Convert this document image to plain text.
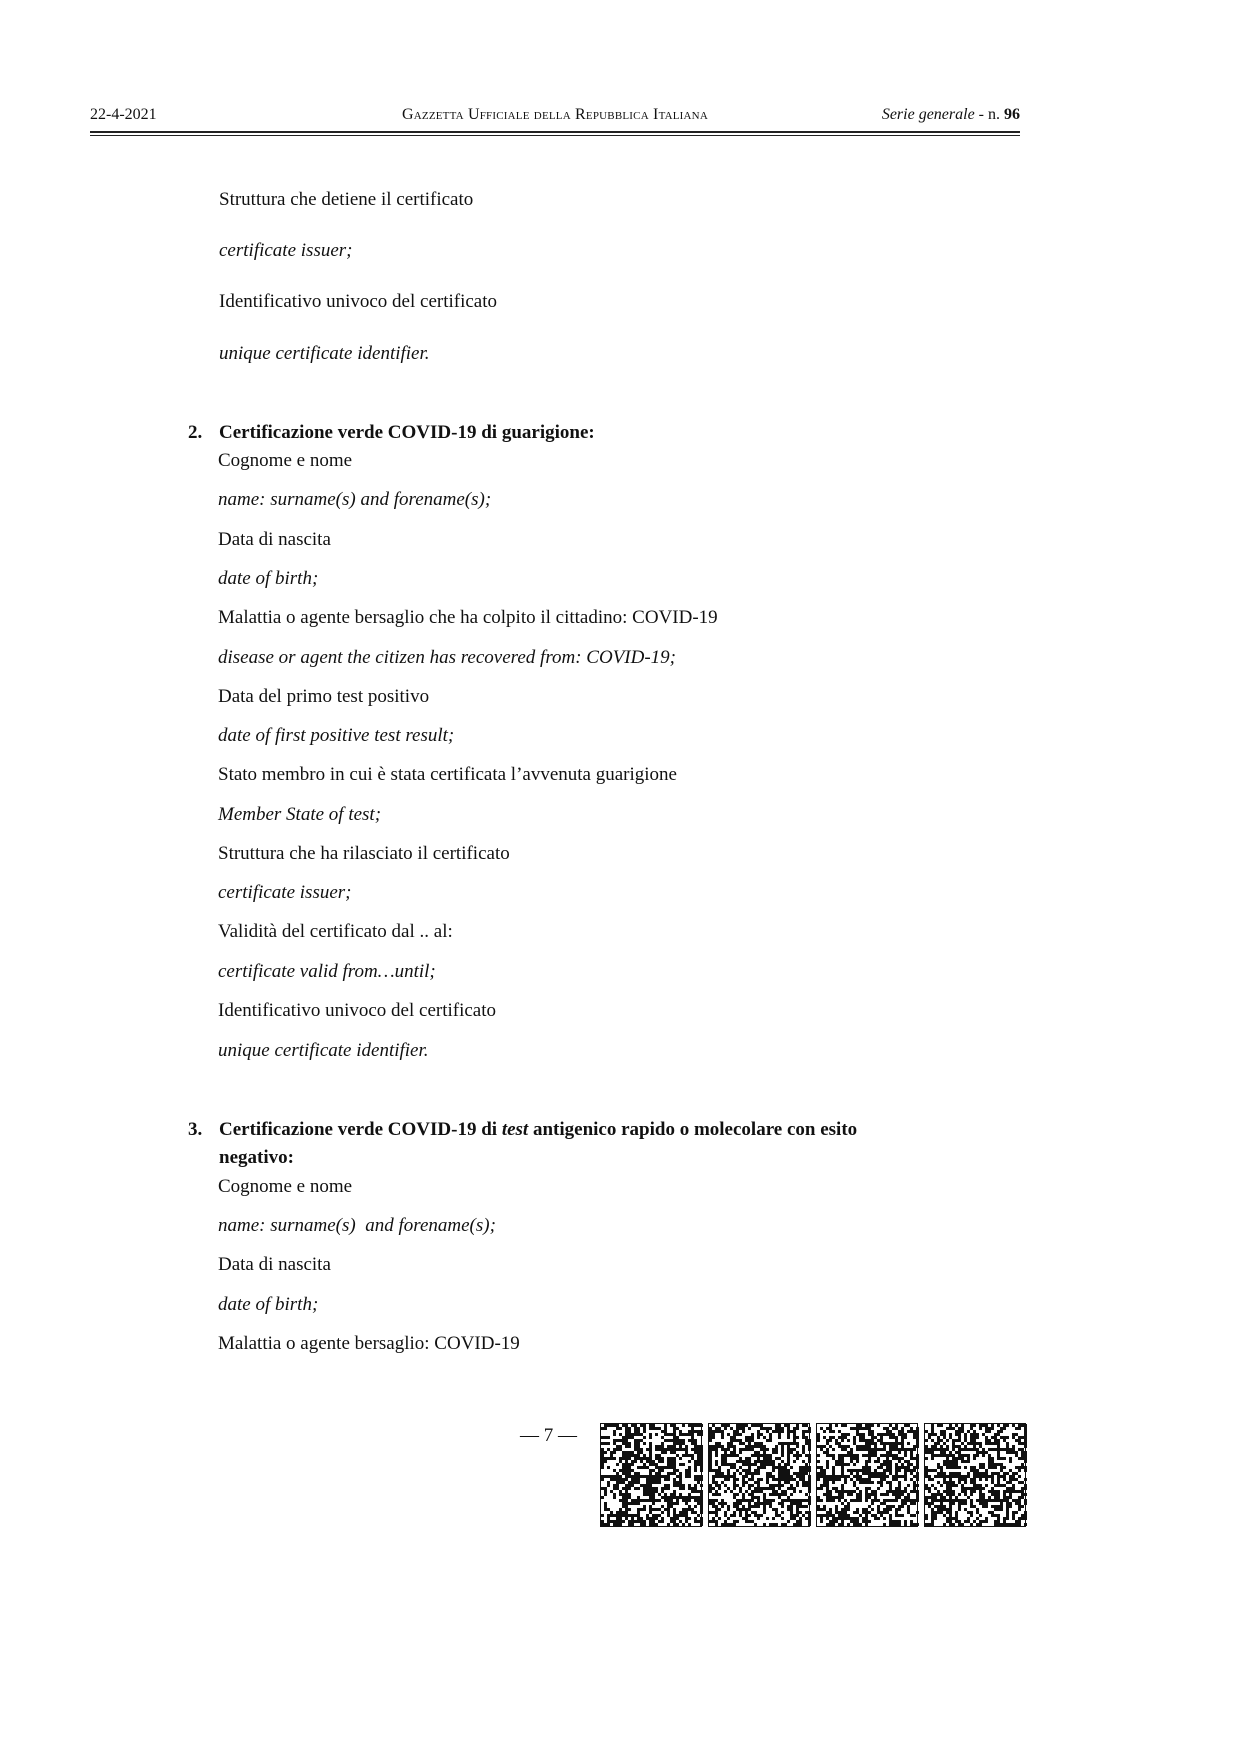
22-4-2021	Gazzetta Ufficiale della Repubblica Italiana	Serie generale - n. 96
Struttura che detiene il certificato
certificate issuer;
Identificativo univoco del certificato
unique certificate identifier.
2. Certificazione verde COVID-19 di guarigione:
Cognome e nome
name: surname(s) and forename(s);
Data di nascita
date of birth;
Malattia o agente bersaglio che ha colpito il cittadino: COVID-19
disease or agent the citizen has recovered from: COVID-19;
Data del primo test positivo
date of first positive test result;
Stato membro in cui è stata certificata l’avvenuta guarigione
Member State of test;
Struttura che ha rilasciato il certificato
certificate issuer;
Validità del certificato dal .. al:
certificate valid from…until;
Identificativo univoco del certificato
unique certificate identifier.
3. Certificazione verde COVID-19 di test antigenico rapido o molecolare con esito
negativo:
Cognome e nome
name: surname(s)  and forename(s);
Data di nascita
date of birth;
Malattia o agente bersaglio: COVID-19
— 7 —
